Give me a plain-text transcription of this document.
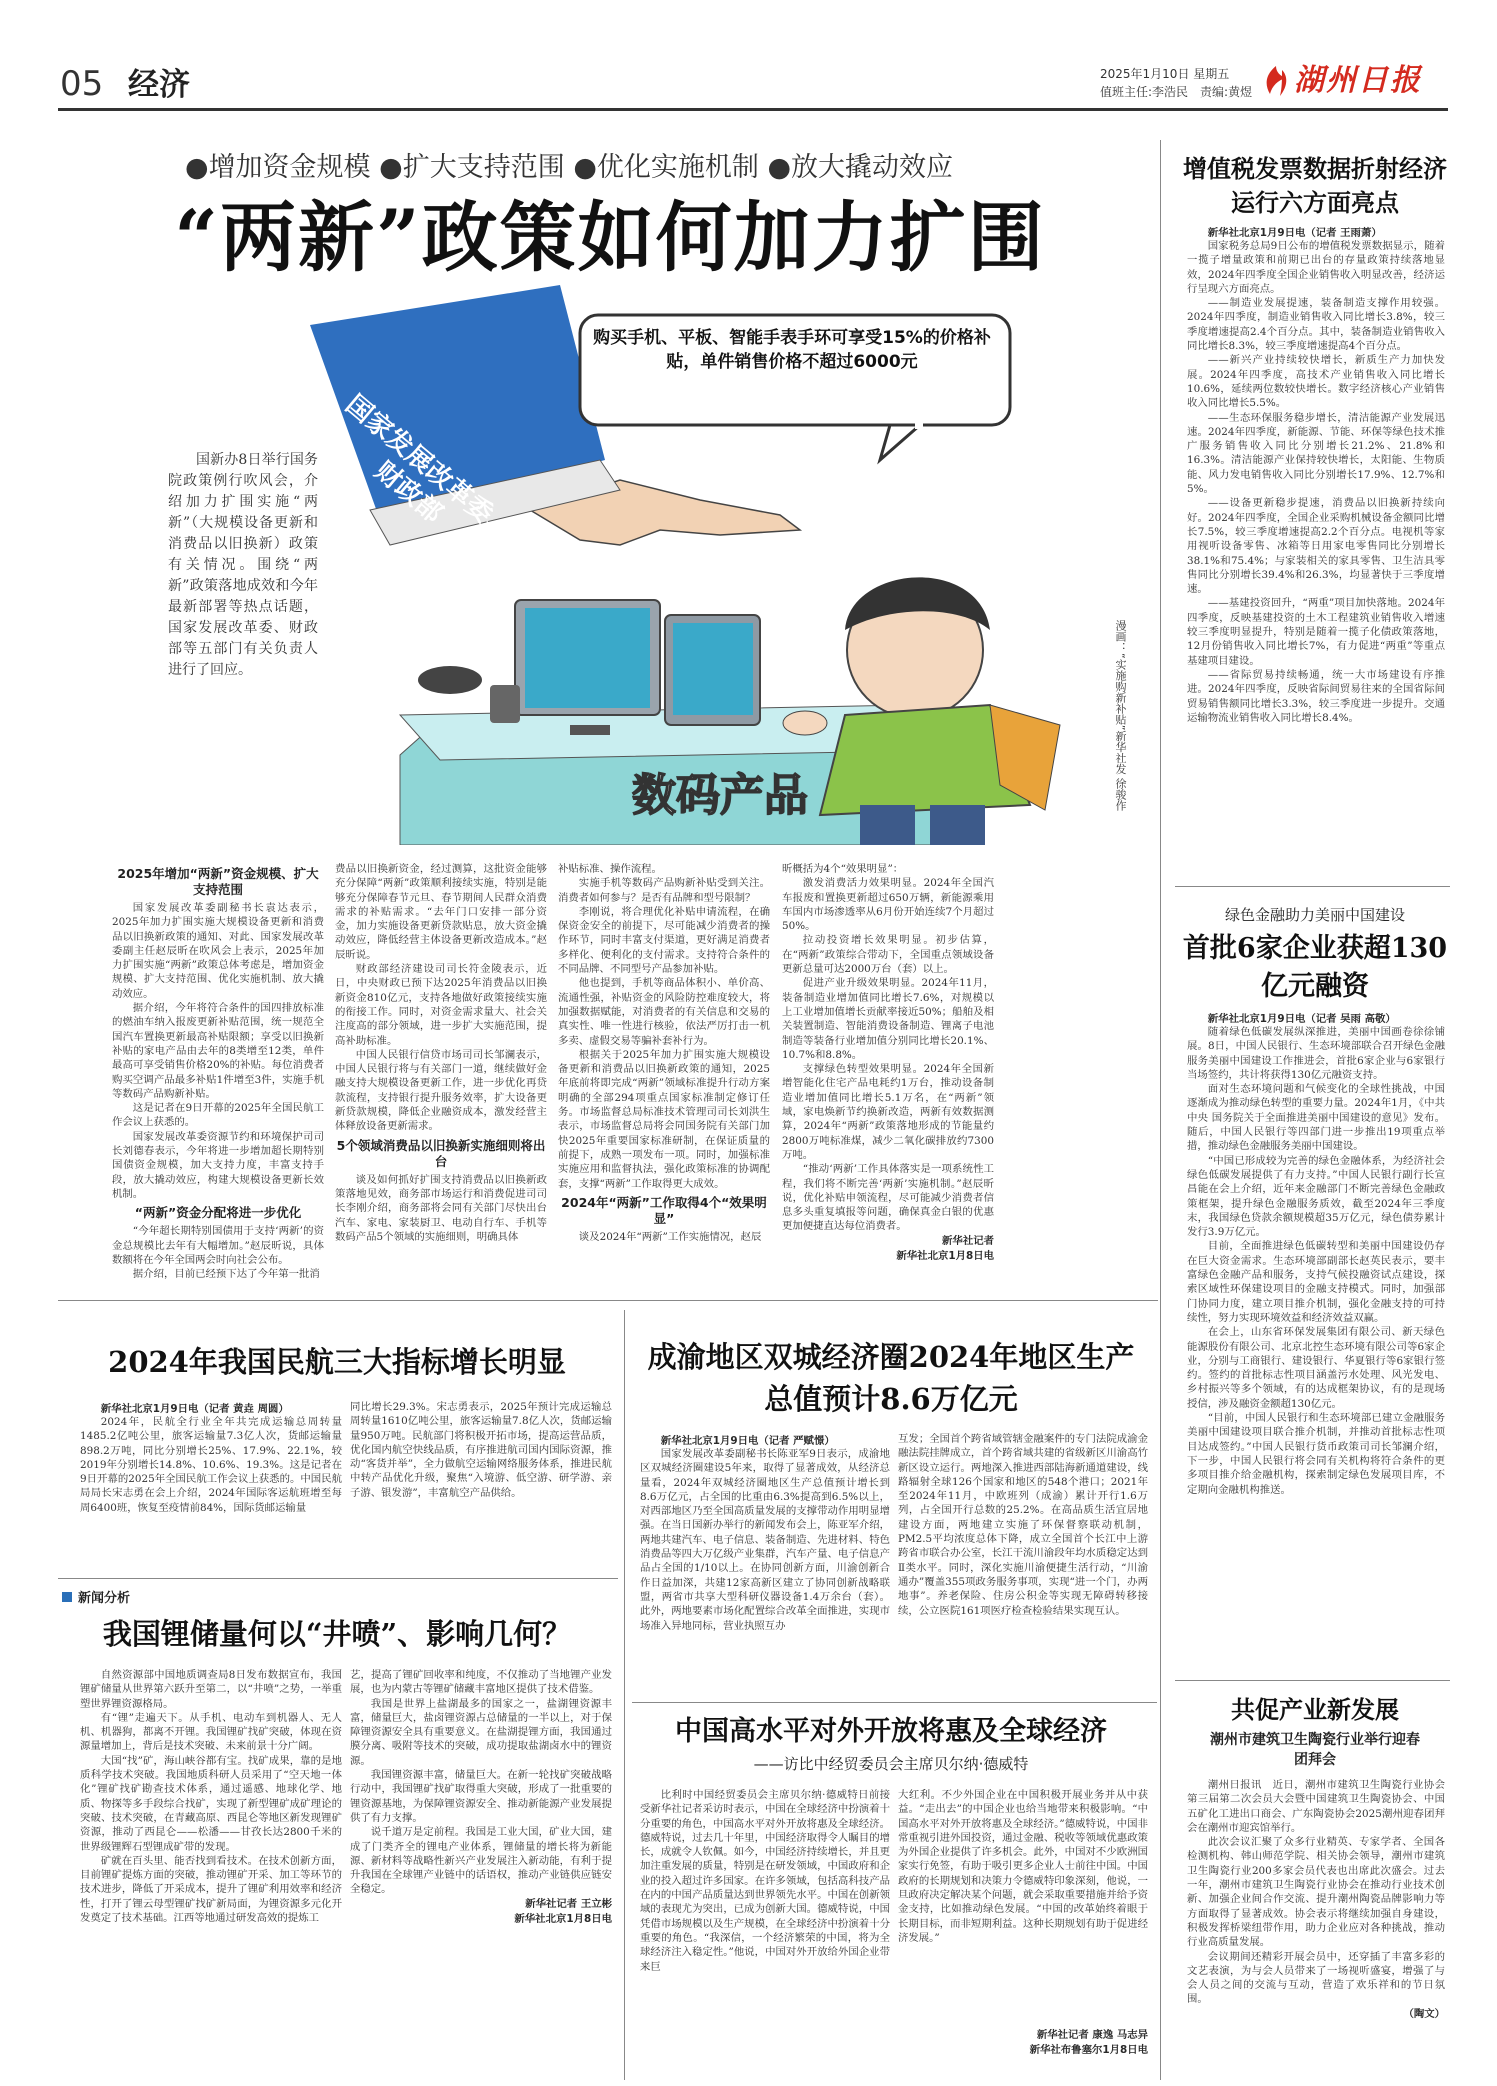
05 经济	2025年1月10日 星期五
值班主任:李浩民　责编:黄煜 湖州日报
●增加资金规模 ●扩大支持范围 ●优化实施机制 ●放大撬动效应
“两新”政策如何加力扩围
购买手机、平板、智能手表手环可享受15%的价格补贴，单件销售价格不超过6000元
国家发展改革委、财政部
数码产品	漫画：“实施购新补贴”新华社发 徐骏作
国新办8日举行国务院政策例行吹风会，介绍加力扩围实施“两新”（大规模设备更新和消费品以旧换新）政策有关情况。围绕“两新”政策落地成效和今年最新部署等热点话题，国家发展改革委、财政部等五部门有关负责人进行了回应。
2025年增加“两新”资金规模、扩大支持范围

国家发展改革委副秘书长袁达表示，2025年加力扩围实施大规模设备更新和消费品以旧换新政策的通知、对此、国家发展改革委副主任赵辰昕在吹风会上表示，2025年加力扩围实施“两新”政策总体考虑是，增加资金规模、扩大支持范围、优化实施机制、放大撬动效应。

据介绍，今年将符合条件的国四排放标准的燃油车纳入报废更新补贴范围，统一规范全国汽车置换更新最高补贴限额；享受以旧换新补贴的家电产品由去年的8类增至12类，单件最高可享受销售价格20%的补贴。每位消费者购买空调产品最多补贴1件增至3件，实施手机等数码产品购新补贴。

这是记者在9日开幕的2025年全国民航工作会议上获悉的。

国家发展改革委资源节约和环境保护司司长刘德春表示，今年将进一步增加超长期特别国债资金规模，加大支持力度，丰富支持手段，放大撬动效应，构建大规模设备更新长效机制。

“两新”资金分配将进一步优化

“今年超长期特别国债用于支持‘两新’的资金总规模比去年有大幅增加。”赵辰昕说，具体数额将在今年全国两会时向社会公布。

据介绍，目前已经预下达了今年第一批消

费品以旧换新资金，经过测算，这批资金能够充分保障“两新”政策顺利接续实施，特别是能够充分保障春节元旦、春节期间人民群众消费需求的补贴需求。“去年门口安排一部分资金，加力实施设备更新贷款贴息，放大资金撬动效应，降低经营主体设备更新改造成本。”赵辰昕说。

财政部经济建设司司长符金陵表示，近日，中央财政已预下达2025年消费品以旧换新资金810亿元，支持各地做好政策接续实施的衔接工作。同时，对资金需求量大、社会关注度高的部分领域，进一步扩大实施范围，提高补助标准。

中国人民银行信贷市场司司长邹澜表示，中国人民银行将与有关部门一道，继续做好金融支持大规模设备更新工作，进一步优化再贷款流程，支持银行提升服务效率，扩大设备更新贷款规模，降低企业融资成本，激发经营主体释放设备更新需求。

5个领域消费品以旧换新实施细则将出台

谈及如何抓好扩围支持消费品以旧换新政策落地见效，商务部市场运行和消费促进司司长李刚介绍，商务部将会同有关部门尽快出台汽车、家电、家装厨卫、电动自行车、手机等数码产品5个领域的实施细则，明确具体

补贴标准、操作流程。

实施手机等数码产品购新补贴受到关注。消费者如何参与？是否有品牌和型号限制？

李刚说，将合理优化补贴申请流程，在确保资金安全的前提下，尽可能减少消费者的操作环节，同时丰富支付渠道，更好满足消费者多样化、便利化的支付需求。支持符合条件的不同品牌、不同型号产品参加补贴。

他也提到，手机等商品体积小、单价高、流通性强，补贴资金的风险防控难度较大，将加强数据赋能，对消费者的有关信息和交易的真实性、唯一性进行核验，依法严厉打击一机多卖、虚假交易等骗补套补行为。

根据关于2025年加力扩围实施大规模设备更新和消费品以旧换新政策的通知，2025年底前将即完成“两新”领域标准提升行动方案明确的全部294项重点国家标准制定修订任务。市场监督总局标准技术管理司司长刘洪生表示，市场监督总局将会同国务院有关部门加快2025年重要国家标准研制，在保证质量的前提下，成熟一项发布一项。同时，加强标准实施应用和监督执法，强化政策标准的协调配套，支撑“两新”工作取得更大成效。

2024年“两新”工作取得4个“效果明显”

谈及2024年“两新”工作实施情况，赵辰

昕概括为4个“效果明显”：

激发消费活力效果明显。2024年全国汽车报废和置换更新超过650万辆，新能源乘用车国内市场渗透率从6月份开始连续7个月超过50%。

拉动投资增长效果明显。初步估算，在“两新”政策综合带动下，全国重点领域设备更新总量可达2000万台（套）以上。

促进产业升级效果明显。2024年11月，装备制造业增加值同比增长7.6%，对规模以上工业增加值增长贡献率接近50%；船舶及相关装置制造、智能消费设备制造、锂离子电池制造等装备行业增加值分别同比增长20.1%、10.7%和8.8%。

支撑绿色转型效果明显。2024年全国新增智能化住宅产品电耗约1万台，推动设备制造业增加值同比增长5.1万名，在“两新”领域，家电焕新节约换新改造，两新有效数据测算，2024年“两新”政策落地形成的节能量约2800万吨标准煤，减少二氧化碳排放约7300万吨。

“推动‘两新’工作具体落实是一项系统性工程，我们将不断完善‘两新’实施机制。”赵辰昕说，优化补贴申领流程，尽可能减少消费者信息多头重复填报等问题，确保真金白银的优惠更加便捷直达每位消费者。

新华社记者
新华社北京1月8日电
增值税发票数据折射经济运行六方面亮点
新华社北京1月9日电（记者 王雨萧）

国家税务总局9日公布的增值税发票数据显示，随着一揽子增量政策和前期已出台的存量政策持续落地显效，2024年四季度全国企业销售收入明显改善，经济运行呈现六方面亮点。

——制造业发展提速，装备制造支撑作用较强。2024年四季度，制造业销售收入同比增长3.8%，较三季度增速提高2.4个百分点。其中，装备制造业销售收入同比增长8.3%，较三季度增速提高4个百分点。

——新兴产业持续较快增长，新质生产力加快发展。2024年四季度，高技术产业销售收入同比增长10.6%，延续两位数较快增长。数字经济核心产业销售收入同比增长5.5%。

——生态环保服务稳步增长，清洁能源产业发展迅速。2024年四季度，新能源、节能、环保等绿色技术推广服务销售收入同比分别增长21.2%、21.8%和16.3%。清洁能源产业保持较快增长，太阳能、生物质能、风力发电销售收入同比分别增长17.9%、12.7%和5%。

——设备更新稳步提速，消费品以旧换新持续向好。2024年四季度，全国企业采购机械设备金额同比增长7.5%，较三季度增速提高2.2个百分点。电视机等家用视听设备零售、冰箱等日用家电零售同比分别增长38.1%和75.4%；与家装相关的家具零售、卫生洁具零售同比分别增长39.4%和26.3%，均显著快于三季度增速。

——基建投资回升，“两重”项目加快落地。2024年四季度，反映基建投资的土木工程建筑业销售收入增速较三季度明显提升，特别是随着一揽子化债政策落地，12月份销售收入同比增长7%，有力促进“两重”等重点基建项目建设。

——省际贸易持续畅通，统一大市场建设有序推进。2024年四季度，反映省际间贸易往来的全国省际间贸易销售额同比增长3.3%，较三季度进一步提升。交通运输物流业销售收入同比增长8.4%。

绿色金融助力美丽中国建设
首批6家企业获超130亿元融资
新华社北京1月9日电（记者 吴雨 高敬）

随着绿色低碳发展纵深推进，美丽中国画卷徐徐铺展。8日，中国人民银行、生态环境部联合召开绿色金融服务美丽中国建设工作推进会，首批6家企业与6家银行当场签约，共计将获得130亿元融资支持。

面对生态环境问题和气候变化的全球性挑战，中国逐渐成为推动绿色转型的重要力量。2024年1月，《中共中央 国务院关于全面推进美丽中国建设的意见》发布。随后，中国人民银行等四部门进一步推出19项重点举措，推动绿色金融服务美丽中国建设。

“中国已形成较为完善的绿色金融体系，为经济社会绿色低碳发展提供了有力支持。”中国人民银行副行长宣昌能在会上介绍，近年来金融部门不断完善绿色金融政策框架，提升绿色金融服务质效，截至2024年三季度末，我国绿色贷款余额规模超35万亿元，绿色债券累计发行3.9万亿元。

目前，全面推进绿色低碳转型和美丽中国建设仍存在巨大资金需求。生态环境部副部长赵英民表示，要丰富绿色金融产品和服务，支持气候投融资试点建设，探索区域性环保建设项目的金融支持模式。同时，加强部门协同力度，建立项目推介机制，强化金融支持的可持续性，努力实现环境效益和经济效益双赢。

在会上，山东省环保发展集团有限公司、新天绿色能源股份有限公司、北京北控生态环境有限公司等6家企业，分别与工商银行、建设银行、华夏银行等6家银行签约。签约的首批标志性项目涵盖污水处理、风光发电、乡村振兴等多个领域，有的达成框架协议，有的是现场授信，涉及融资金额超130亿元。

“目前，中国人民银行和生态环境部已建立金融服务美丽中国建设项目联合推介机制，并推动首批标志性项目达成签约。”中国人民银行货币政策司司长邹澜介绍，下一步，中国人民银行将会同有关机构将符合条件的更多项目推介给金融机构，探索制定绿色发展项目库，不定期向金融机构推送。

共促产业新发展
潮州市建筑卫生陶瓷行业举行迎春团拜会

潮州日报讯　近日，潮州市建筑卫生陶瓷行业协会第三届第二次会员大会暨中国建筑卫生陶瓷协会、中国五矿化工进出口商会、广东陶瓷协会2025潮州迎春团拜会在潮州市迎宾馆举行。

此次会议汇聚了众多行业精英、专家学者、全国各检测机构、韩山师范学院、相关协会领导，潮州市建筑卫生陶瓷行业200多家会员代表也出席此次盛会。过去一年，潮州市建筑卫生陶瓷行业协会在推动行业技术创新、加强企业间合作交流、提升潮州陶瓷品牌影响力等方面取得了显著成效。协会表示将继续加强自身建设，积极发挥桥梁纽带作用，助力企业应对各种挑战，推动行业高质量发展。

会议期间还精彩开展会员中，还穿插了丰富多彩的文艺表演，为与会人员带来了一场视听盛宴，增强了与会人员之间的交流与互动，营造了欢乐祥和的节日氛围。

（陶文）
2024年我国民航三大指标增长明显
新华社北京1月9日电（记者 黄垚 周圆）

2024年，民航全行业全年共完成运输总周转量1485.2亿吨公里，旅客运输量7.3亿人次，货邮运输量898.2万吨，同比分别增长25%、17.9%、22.1%，较2019年分别增长14.8%、10.6%、19.3%。这是记者在9日开幕的2025年全国民航工作会议上获悉的。中国民航局局长宋志勇在会上介绍，2024年国际客运航班增至每周6400班，恢复至疫情前84%，国际货邮运输量

同比增长29.3%。宋志勇表示，2025年预计完成运输总周转量1610亿吨公里，旅客运输量7.8亿人次，货邮运输量950万吨。民航部门将积极开拓市场，提高运营品质，优化国内航空快线品质，有序推进航司国内国际资源，推动“客货并举”，全力做航空运输网络服务体系，推进民航中转产品优化升级，聚焦“入境游、低空游、研学游、亲子游、银发游”，丰富航空产品供给。

新闻分析
我国锂储量何以“井喷”、影响几何？

自然资源部中国地质调查局8日发布数据宣布，我国锂矿储量从世界第六跃升至第二，以“井喷”之势，一举重塑世界锂资源格局。

有“锂”走遍天下。从手机、电动车到机器人、无人机、机器狗，都离不开锂。我国锂矿找矿突破，体现在资源量增加上，背后是技术突破、未来前景十分广阔。

大国“找”矿，海山峡谷都有宝。找矿成果，靠的是地质科学技术突破。我国地质科研人员采用了“空天地一体化”锂矿找矿勘查技术体系，通过遥感、地球化学、地质、物探等多手段综合找矿，实现了新型锂矿成矿理论的突破、技术突破，在青藏高原、西昆仑等地区新发现锂矿资源，推动了西昆仑——松潘——甘孜长达2800千米的世界级锂辉石型锂成矿带的发现。

矿就在百头里、能否找到看技术。在技术创新方面，目前锂矿提炼方面的突破，推动锂矿开采、加工等环节的技术进步，降低了开采成本，提升了锂矿利用效率和经济性，打开了锂云母型锂矿找矿新局面，为锂资源多元化开发奠定了技术基础。江西等地通过研发高效的提炼工

艺，提高了锂矿回收率和纯度，不仅推动了当地锂产业发展，也为内蒙古等锂矿储藏丰富地区提供了技术借鉴。

我国是世界上盐湖最多的国家之一，盐湖锂资源丰富，储量巨大，盐卤锂资源占总储量的一半以上，对于保障锂资源安全具有重要意义。在盐湖提锂方面，我国通过膜分离、吸附等技术的突破，成功提取盐湖卤水中的锂资源。

我国锂资源丰富，储量巨大。在新一轮找矿突破战略行动中，我国锂矿找矿取得重大突破，形成了一批重要的锂资源基地，为保障锂资源安全、推动新能源产业发展提供了有力支撑。

说千道万是定前程。我国是工业大国，矿业大国，建成了门类齐全的锂电产业体系，锂储量的增长将为新能源、新材料等战略性新兴产业发展注入新动能，有利于提升我国在全球锂产业链中的话语权，推动产业链供应链安全稳定。

新华社记者 王立彬
新华社北京1月8日电
成渝地区双城经济圈2024年地区生产总值预计8.6万亿元
新华社北京1月9日电（记者 严赋憬）

国家发展改革委副秘书长陈亚军9日表示，成渝地区双城经济圈建设5年来，取得了显著成效，从经济总量看，2024年双城经济圈地区生产总值预计增长到8.6万亿元，占全国的比重由6.3%提高到6.5%以上，对西部地区乃至全国高质量发展的支撑带动作用明显增强。在当日国新办举行的新闻发布会上，陈亚军介绍，两地共建汽车、电子信息、装备制造、先进材料、特色消费品等四大万亿级产业集群，汽车产量、电子信息产品占全国的1/10以上。在协同创新方面，川渝创新合作日益加深，共建12家高新区建立了协同创新战略联盟，两省市共享大型科研仪器设备1.4万余台（套）。此外，两地要素市场化配置综合改革全面推进，实现市场准入异地同标，营业执照互办

互发；全国首个跨省域管辖金融案件的专门法院成渝金融法院挂牌成立，首个跨省域共建的省级新区川渝高竹新区设立运行。两地深入推进西部陆海新通道建设，线路辐射全球126个国家和地区的548个港口；2021年至2024年11月，中欧班列（成渝）累计开行1.6万列，占全国开行总数的25.2%。在高品质生活宜居地建设方面，两地建立实施了环保督察联动机制，PM2.5平均浓度总体下降，成立全国首个长江中上游跨省市联合办公室，长江干流川渝段年均水质稳定达到Ⅱ类水平。同时，深化实施川渝便捷生活行动，“川渝通办”覆盖355项政务服务事项，实现“进一个门，办两地事”。养老保险、住房公积金等实现无障碍转移接续，公立医院161项医疗检查检验结果实现互认。

中国高水平对外开放将惠及全球经济
——访比中经贸委员会主席贝尔纳·德威特

比利时中国经贸委员会主席贝尔纳·德威特日前接受新华社记者采访时表示，中国在全球经济中扮演着十分重要的角色，中国高水平对外开放将惠及全球经济。德威特说，过去几十年里，中国经济取得令人瞩目的增长，成就令人钦佩。如今，中国经济持续增长，并且更加注重发展的质量，特别是在研发领域，中国政府和企业的投入超过许多国家。在许多领域，包括高科技产品在内的中国产品质量达到世界领先水平。中国在创新领域的表现尤为突出，已成为创新大国。德威特说，中国凭借市场规模以及生产规模，在全球经济中扮演着十分重要的角色。“我深信，一个经济繁荣的中国，将为全球经济注入稳定性。”他说，中国对外开放给外国企业带来巨

大红利。不少外国企业在中国积极开展业务并从中获益。“走出去”的中国企业也给当地带来积极影响。“中国高水平对外开放将惠及全球经济。”德威特说，中国非常重视引进外国投资，通过金融、税收等领域优惠政策为外国企业提供了许多机会。此外，中国对不少欧洲国家实行免签，有助于吸引更多企业人士前往中国。中国政府的长期规划和决策力令德威特印象深刻，他说，一旦政府决定解决某个问题，就会采取重要措施并给予资金支持，比如推动绿色发展。“中国的改革始终着眼于长期目标，而非短期利益。这种长期规划有助于促进经济发展。”

新华社记者 康逸 马志异
新华社布鲁塞尔1月8日电
